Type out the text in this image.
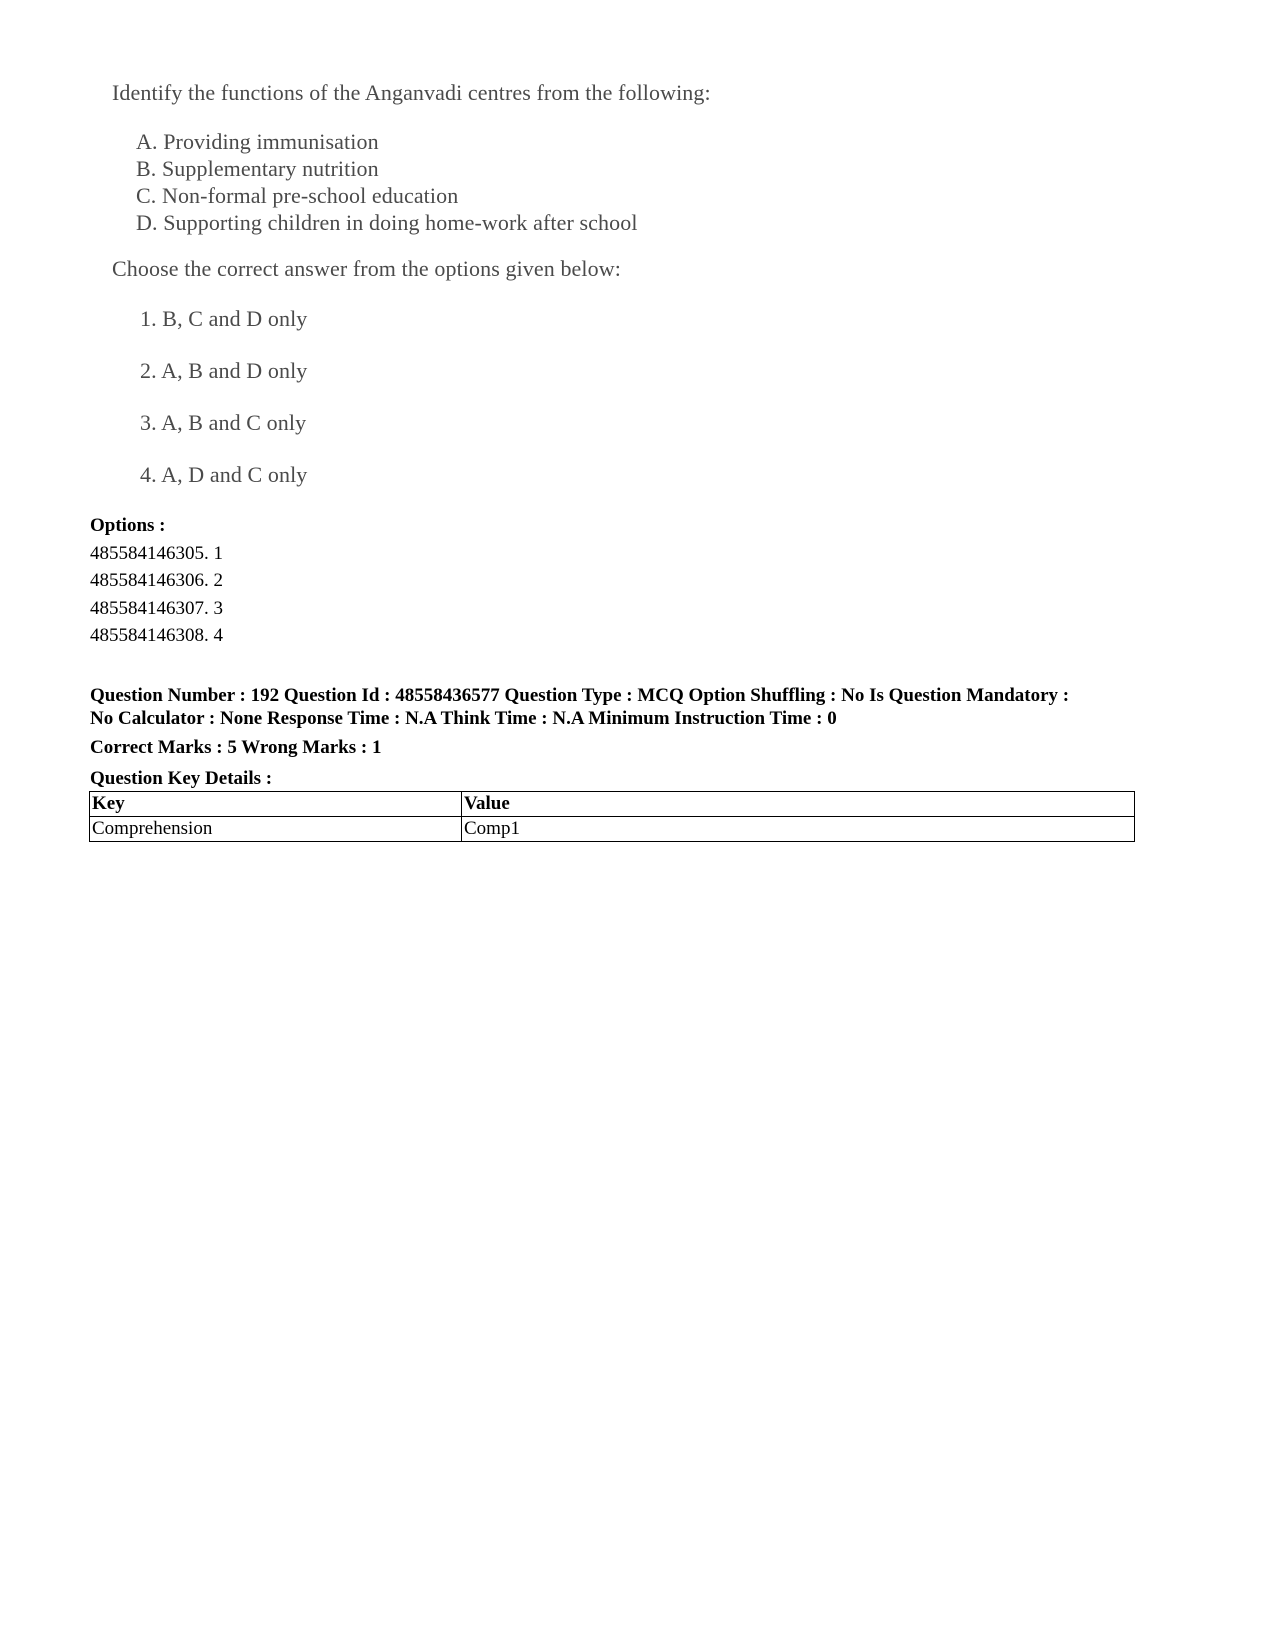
Identify the functions of the Anganvadi centres from the following:
A. Providing immunisation
B. Supplementary nutrition
C. Non-formal pre-school education
D. Supporting children in doing home-work after school
Choose the correct answer from the options given below:
1. B, C and D only
2. A, B and D only
3. A, B and C only
4. A, D and C only
Options :
485584146305. 1
485584146306. 2
485584146307. 3
485584146308. 4
Question Number : 192 Question Id : 48558436577 Question Type : MCQ Option Shuffling : No Is Question Mandatory :
No Calculator : None Response Time : N.A Think Time : N.A Minimum Instruction Time : 0
Correct Marks : 5 Wrong Marks : 1
Question Key Details :
Key	Value
Comprehension	Comp1
